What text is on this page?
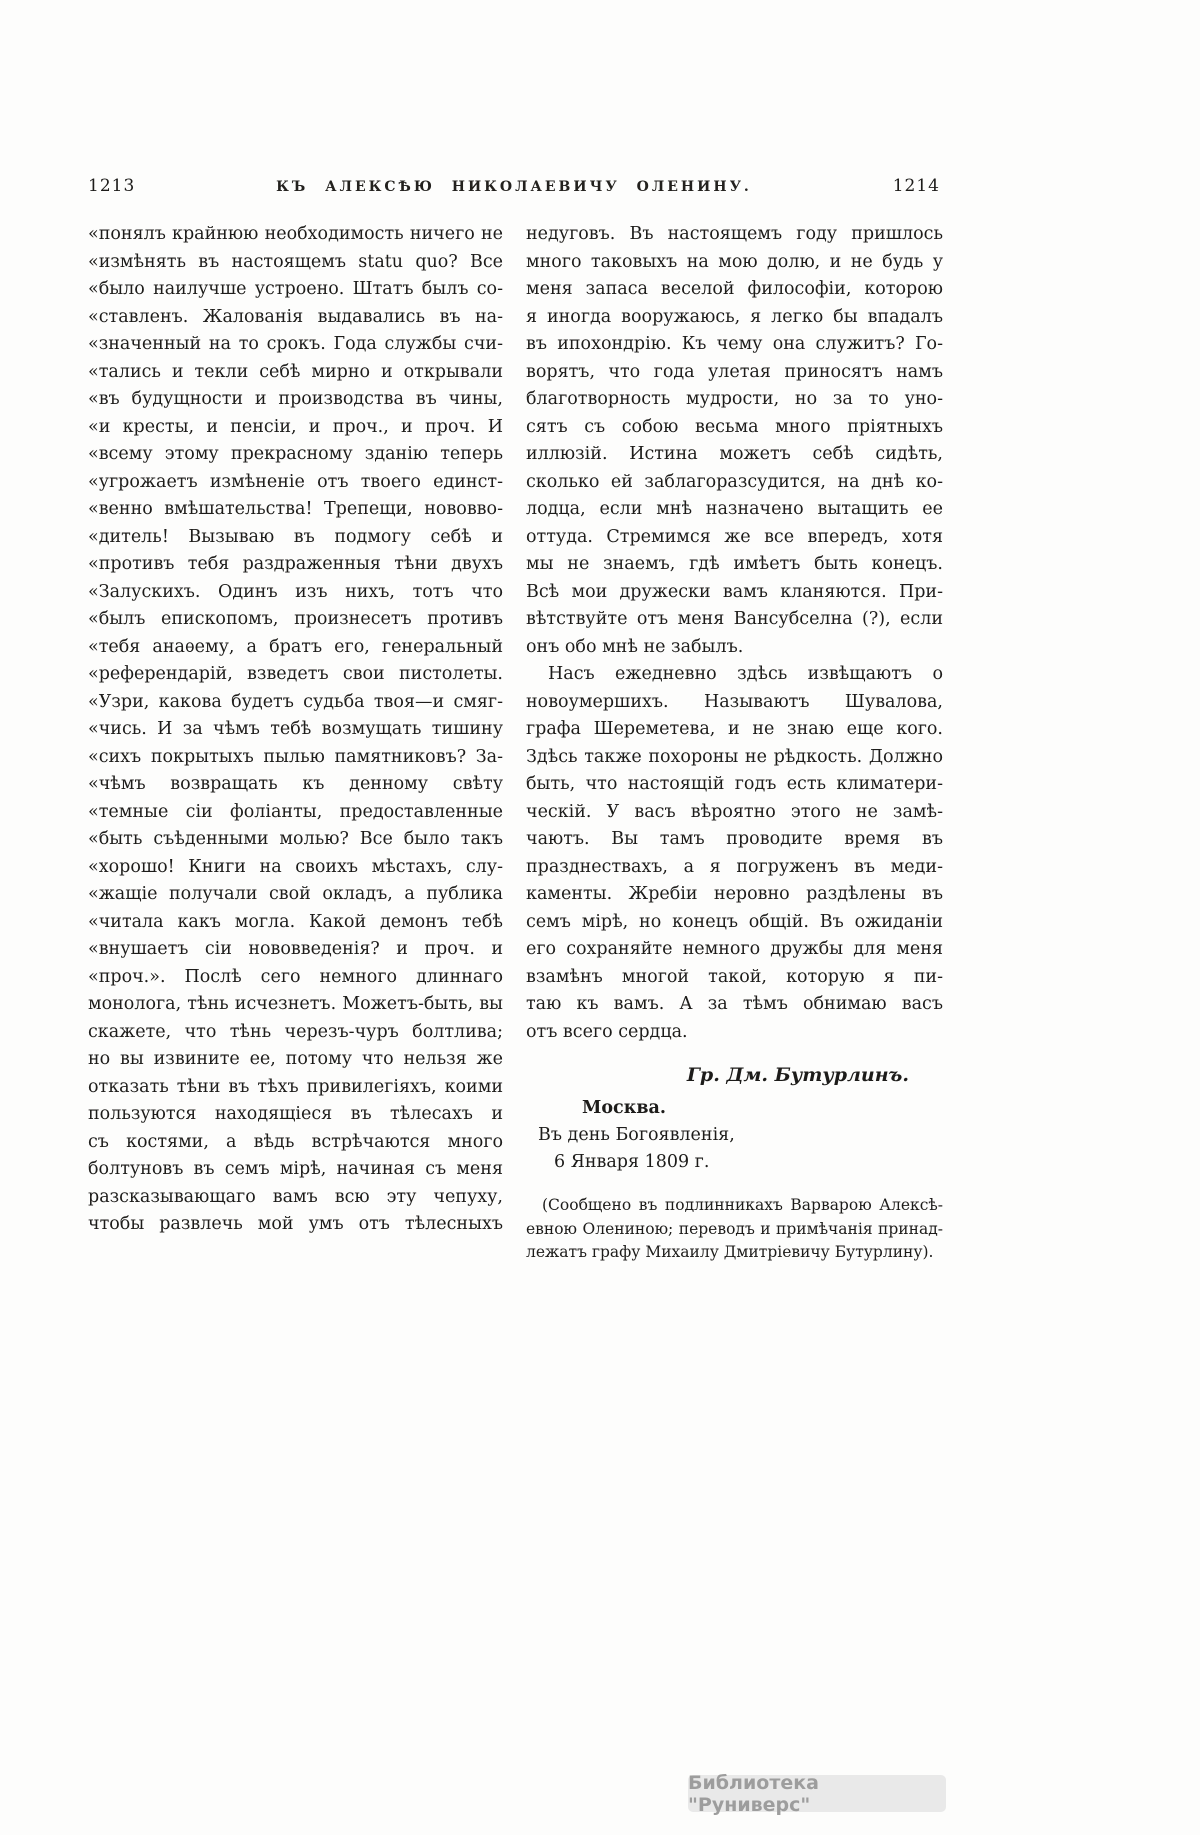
1213	КЪ АЛЕКСѢЮ НИКОЛАЕВИЧУ ОЛЕНИНУ.	1214
«понялъ крайнюю необходимость ничего не
«измѣнять въ настоящемъ statu quo? Все
«было наилучше устроено. Штатъ былъ со-
«ставленъ. Жалованія выдавались въ на-
«значенный на то срокъ. Года службы счи-
«тались и текли себѣ мирно и открывали
«въ будущности и производства въ чины,
«и кресты, и пенсіи, и проч., и проч. И
«всему этому прекрасному зданію теперь
«угрожаетъ измѣненіе отъ твоего единст-
«венно вмѣшательства! Трепещи, нововво-
«дитель! Вызываю въ подмогу себѣ и
«противъ тебя раздраженныя тѣни двухъ
«Залускихъ. Одинъ изъ нихъ, тотъ что
«былъ епископомъ, произнесетъ противъ
«тебя анаѳему, а братъ его, генеральный
«референдарій, взведетъ свои пистолеты.
«Узри, какова будетъ судьба твоя—и смяг-
«чись. И за чѣмъ тебѣ возмущать тишину
«сихъ покрытыхъ пылью памятниковъ? За-
«чѣмъ возвращать къ денному свѣту
«темные сіи фоліанты, предоставленные
«быть съѣденными молью? Все было такъ
«хорошо! Книги на своихъ мѣстахъ, слу-
«жащіе получали свой окладъ, а публика
«читала какъ могла. Какой демонъ тебѣ
«внушаетъ сіи нововведенія? и проч. и
«проч.». Послѣ сего немного длиннаго
монолога, тѣнь исчезнетъ. Можетъ-быть, вы
скажете, что тѣнь черезъ-чуръ болтлива;
но вы извините ее, потому что нельзя же
отказать тѣни въ тѣхъ привилегіяхъ, коими
пользуются находящіеся въ тѣлесахъ и
съ костями, а вѣдь встрѣчаются много
болтуновъ въ семъ мірѣ, начиная съ меня
разсказывающаго вамъ всю эту чепуху,
чтобы развлечь мой умъ отъ тѣлесныхъ
недуговъ. Въ настоящемъ году пришлось
много таковыхъ на мою долю, и не будь у
меня запаса веселой философіи, которою
я иногда вооружаюсь, я легко бы впадалъ
въ ипохондрію. Къ чему она служитъ? Го-
ворятъ, что года улетая приносятъ намъ
благотворность мудрости, но за то уно-
сятъ съ собою весьма много пріятныхъ
иллюзій. Истина можетъ себѣ сидѣть,
сколько ей заблагоразсудится, на днѣ ко-
лодца, если мнѣ назначено вытащить ее
оттуда. Стремимся же все впередъ, хотя
мы не знаемъ, гдѣ имѣетъ быть конецъ.
Всѣ мои дружески вамъ кланяются. При-
вѣтствуйте отъ меня Вансубселна (?), если
онъ обо мнѣ не забылъ.
Насъ ежедневно здѣсь извѣщаютъ о
новоумершихъ. Называютъ Шувалова,
графа Шереметева, и не знаю еще кого.
Здѣсь также похороны не рѣдкость. Должно
быть, что настоящій годъ есть климатери-
ческій. У васъ вѣроятно этого не замѣ-
чаютъ. Вы тамъ проводите время въ
празднествахъ, а я погруженъ въ меди-
каменты. Жребіи неровно раздѣлены въ
семъ мірѣ, но конецъ общій. Въ ожиданіи
его сохраняйте немного дружбы для меня
взамѣнъ многой такой, которую я пи-
таю къ вамъ. А за тѣмъ обнимаю васъ
отъ всего сердца.
Гр. Дм. Бутурлинъ.
Москва.
Въ день Богоявленія,
6 Января 1809 г.
(Сообщено въ подлинникахъ Варварою Алексѣ-
евною Олениною; переводъ и примѣчанія принад-
лежатъ графу Михаилу Дмитріевичу Бутурлину).
Библиотека "Руниверс"
